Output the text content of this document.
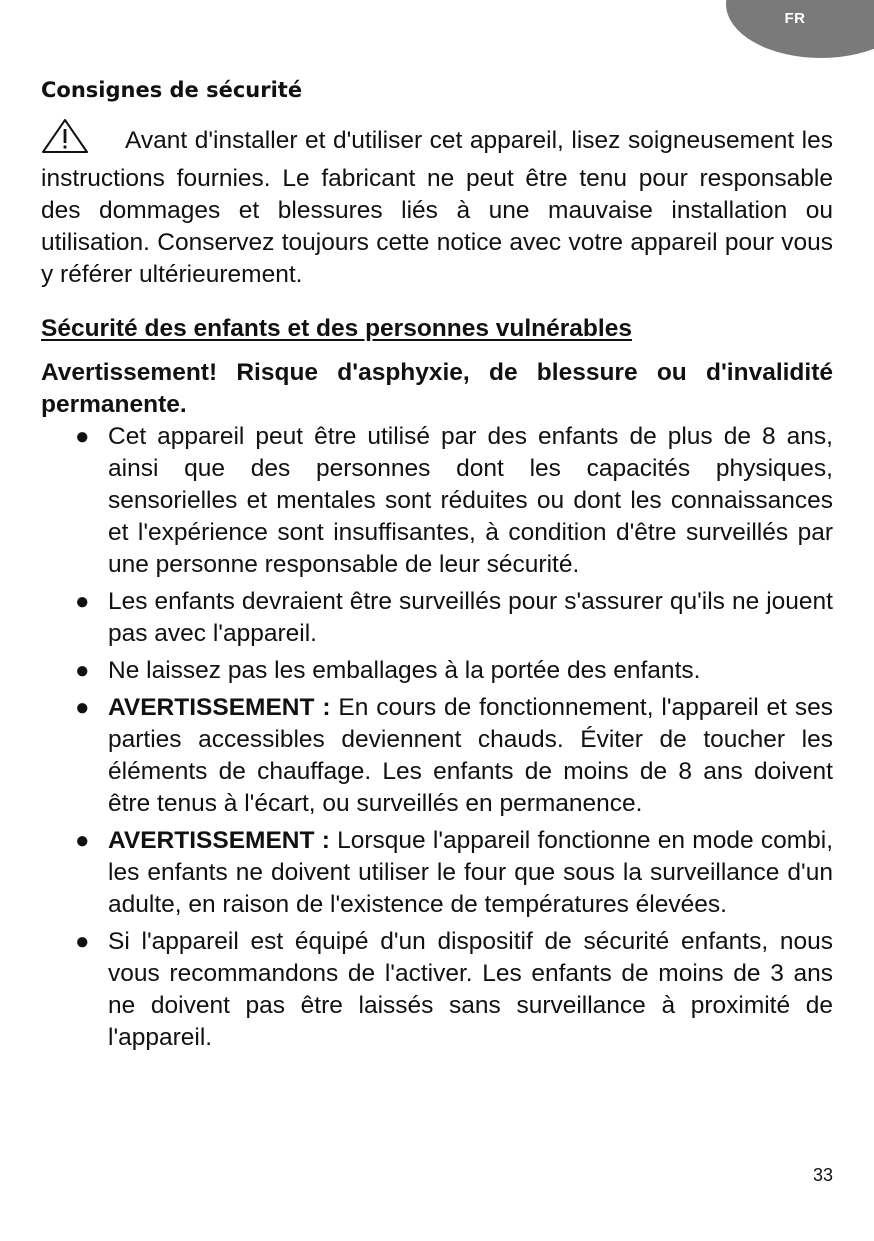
FR
Consignes de sécurité

Avant d'installer et d'utiliser cet appareil, lisez soigneusement les instructions fournies. Le fabricant ne peut être tenu pour responsable des dommages et blessures liés à une mauvaise installation ou utilisation. Conservez toujours cette notice avec votre appareil pour vous y référer ultérieurement.

Sécurité des enfants et des personnes vulnérables

Avertissement! Risque d'asphyxie, de blessure ou d'invalidité permanente.

● Cet appareil peut être utilisé par des enfants de plus de 8 ans, ainsi que des personnes dont les capacités physiques, sensorielles et mentales sont réduites ou dont les connaissances et l'expérience sont insuffisantes, à condition d'être surveillés par une personne responsable de leur sécurité.
● Les enfants devraient être surveillés pour s'assurer qu'ils ne jouent pas avec l'appareil.
● Ne laissez pas les emballages à la portée des enfants.
● AVERTISSEMENT : En cours de fonctionnement, l'appareil et ses parties accessibles deviennent chauds. Éviter de toucher les éléments de chauffage. Les enfants de moins de 8 ans doivent être tenus à l'écart, ou surveillés en permanence.
● AVERTISSEMENT : Lorsque l'appareil fonctionne en mode combi, les enfants ne doivent utiliser le four que sous la surveillance d'un adulte, en raison de l'existence de températures élevées.
● Si l'appareil est équipé d'un dispositif de sécurité enfants, nous vous recommandons de l'activer. Les enfants de moins de 3 ans ne doivent pas être laissés sans surveillance à proximité de l'appareil.
33
